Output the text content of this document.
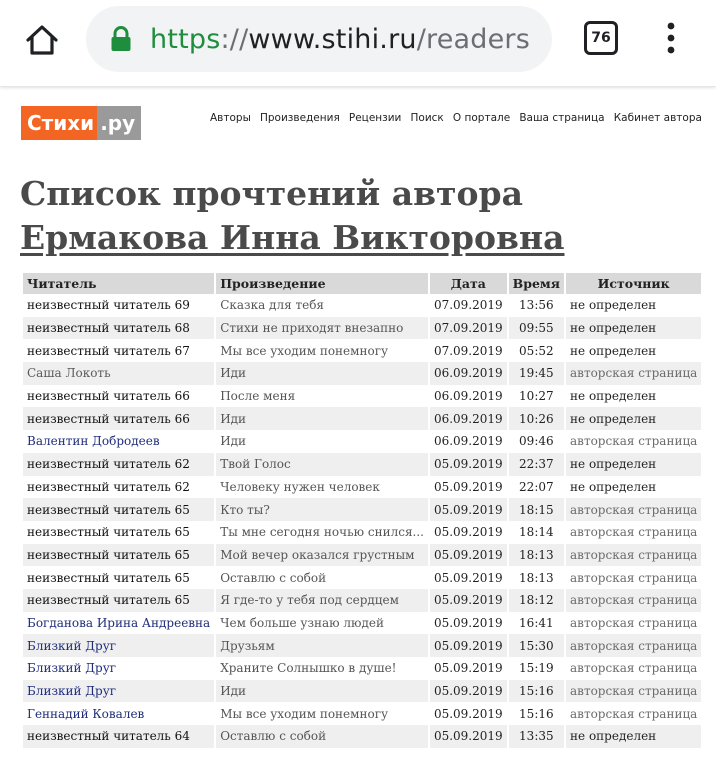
https://www.stihi.ru/readers	76
Стихи .ру	Авторы Произведения Рецензии Поиск О портале Ваша страница Кабинет автора
Список прочтений автора
Ермакова Инна Викторовна
Читатель	Произведение	Дата	Время	Источник
неизвестный читатель 69	Сказка для тебя	07.09.2019	13:56	не определен
неизвестный читатель 68	Стихи не приходят внезапно	07.09.2019	09:55	не определен
неизвестный читатель 67	Мы все уходим понемногу	07.09.2019	05:52	не определен
Саша Локоть	Иди	06.09.2019	19:45	авторская страница
неизвестный читатель 66	После меня	06.09.2019	10:27	не определен
неизвестный читатель 66	Иди	06.09.2019	10:26	не определен
Валентин Добродеев	Иди	06.09.2019	09:46	авторская страница
неизвестный читатель 62	Твой Голос	05.09.2019	22:37	не определен
неизвестный читатель 62	Человеку нужен человек	05.09.2019	22:07	не определен
неизвестный читатель 65	Кто ты?	05.09.2019	18:15	авторская страница
неизвестный читатель 65	Ты мне сегодня ночью снился...	05.09.2019	18:14	авторская страница
неизвестный читатель 65	Мой вечер оказался грустным	05.09.2019	18:13	авторская страница
неизвестный читатель 65	Оставлю с собой	05.09.2019	18:13	авторская страница
неизвестный читатель 65	Я где-то у тебя под сердцем	05.09.2019	18:12	авторская страница
Богданова Ирина Андреевна	Чем больше узнаю людей	05.09.2019	16:41	авторская страница
Близкий Друг	Друзьям	05.09.2019	15:30	авторская страница
Близкий Друг	Храните Солнышко в душе!	05.09.2019	15:19	авторская страница
Близкий Друг	Иди	05.09.2019	15:16	авторская страница
Геннадий Ковалев	Мы все уходим понемногу	05.09.2019	15:16	авторская страница
неизвестный читатель 64	Оставлю с собой	05.09.2019	13:35	не определен
